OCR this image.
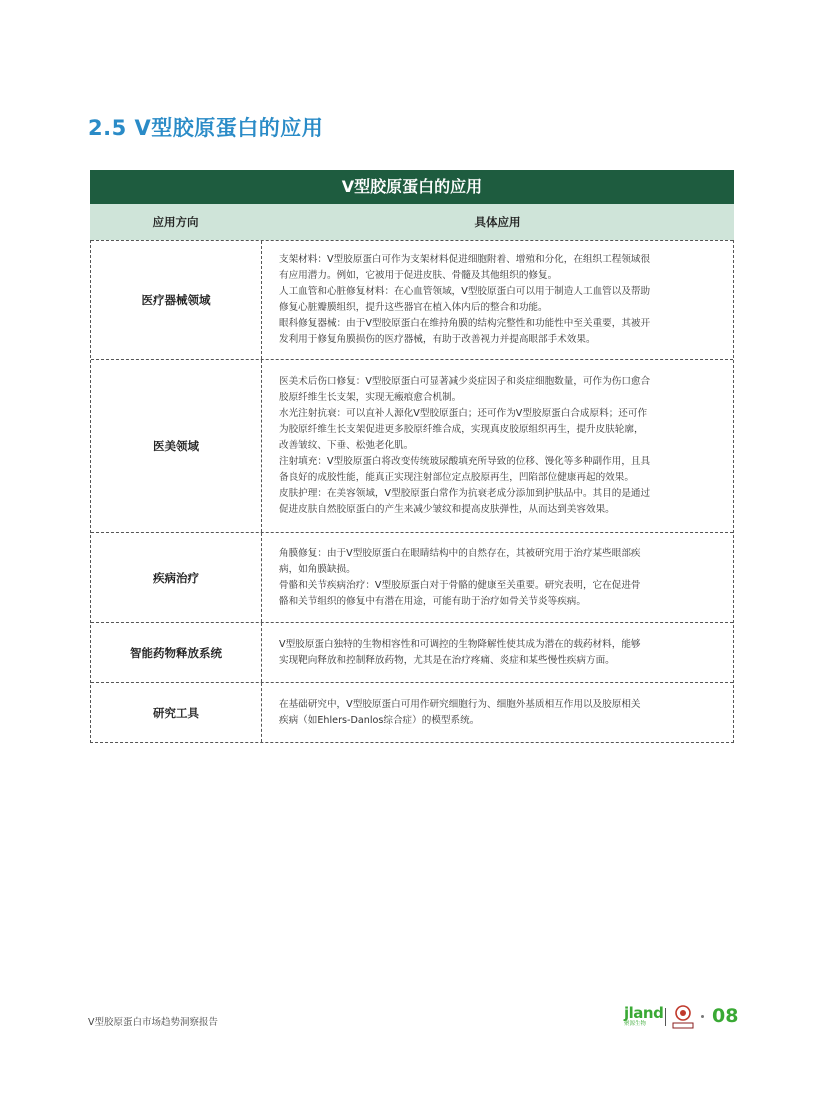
2.5 V型胶原蛋白的应用
V型胶原蛋白的应用
应用方向	具体应用
医疗器械领域

支架材料：V型胶原蛋白可作为支架材料促进细胞附着、增殖和分化，在组织工程领域很

有应用潜力。例如，它被用于促进皮肤、骨髓及其他组织的修复。

人工血管和心脏修复材料：在心血管领域，V型胶原蛋白可以用于制造人工血管以及帮助

修复心脏瓣膜组织，提升这些器官在植入体内后的整合和功能。

眼科修复器械：由于V型胶原蛋白在维持角膜的结构完整性和功能性中至关重要，其被开

发利用于修复角膜损伤的医疗器械，有助于改善视力并提高眼部手术效果。

医美领域

医美术后伤口修复：V型胶原蛋白可显著减少炎症因子和炎症细胞数量，可作为伤口愈合

胶原纤维生长支架，实现无瘢痕愈合机制。

水光注射抗衰：可以直补人源化V型胶原蛋白；还可作为V型胶原蛋白合成原料；还可作

为胶原纤维生长支架促进更多胶原纤维合成，实现真皮胶原组织再生，提升皮肤轮廓，

改善皱纹、下垂、松弛老化肌。

注射填充：V型胶原蛋白将改变传统玻尿酸填充所导致的位移、馒化等多种副作用，且具

备良好的成胶性能，能真正实现注射部位定点胶原再生，凹陷部位健康再起的效果。

皮肤护理：在美容领域，V型胶原蛋白常作为抗衰老成分添加到护肤品中。其目的是通过

促进皮肤自然胶原蛋白的产生来减少皱纹和提高皮肤弹性，从而达到美容效果。

疾病治疗

角膜修复：由于V型胶原蛋白在眼睛结构中的自然存在，其被研究用于治疗某些眼部疾

病，如角膜缺损。

骨骼和关节疾病治疗：V型胶原蛋白对于骨骼的健康至关重要。研究表明，它在促进骨

骼和关节组织的修复中有潜在用途，可能有助于治疗如骨关节炎等疾病。

智能药物释放系统

V型胶原蛋白独特的生物相容性和可调控的生物降解性使其成为潜在的载药材料，能够

实现靶向释放和控制释放药物，尤其是在治疗疼痛、炎症和某些慢性疾病方面。

研究工具

在基础研究中，V型胶原蛋白可用作研究细胞行为、细胞外基质相互作用以及胶原相关

疾病（如Ehlers-Danlos综合症）的模型系统。

V型胶原蛋白市场趋势洞察报告
jland
聚源生物	08
